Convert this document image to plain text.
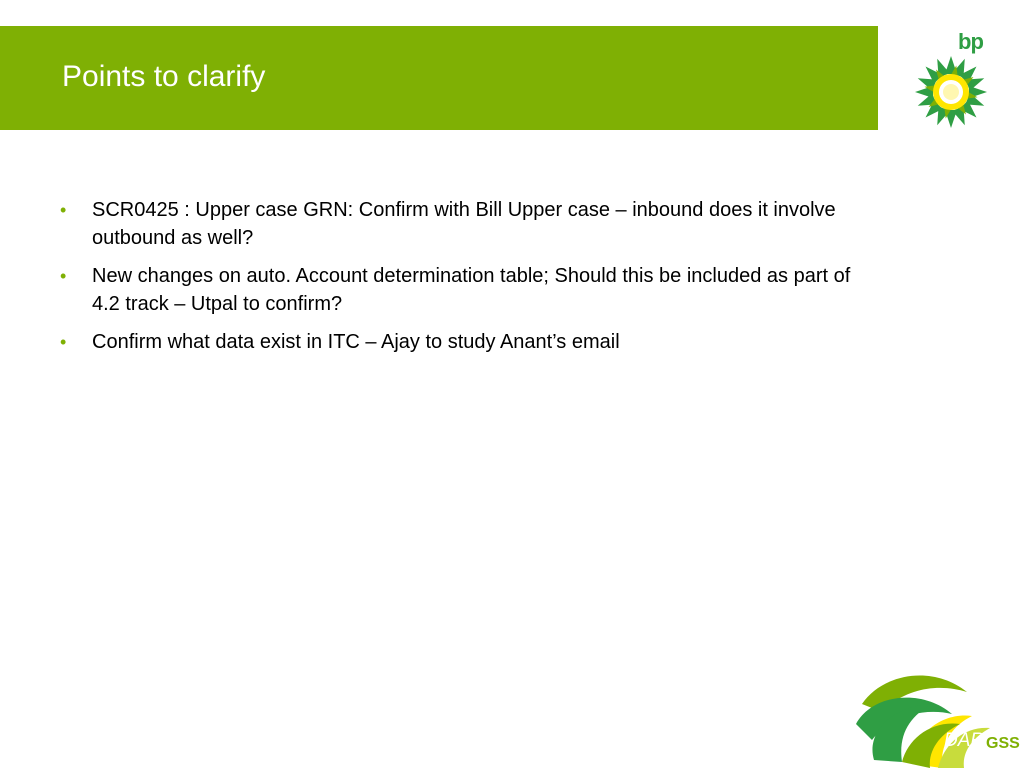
Points to clarify
bp
• SCR0425 : Upper case GRN: Confirm with Bill Upper case – inbound does it involve outbound as well?
• New changes on auto. Account determination table; Should this be included as part of 4.2 track – Utpal to confirm?
• Confirm what data exist in ITC – Ajay to study Anant’s email
DART
GSS
